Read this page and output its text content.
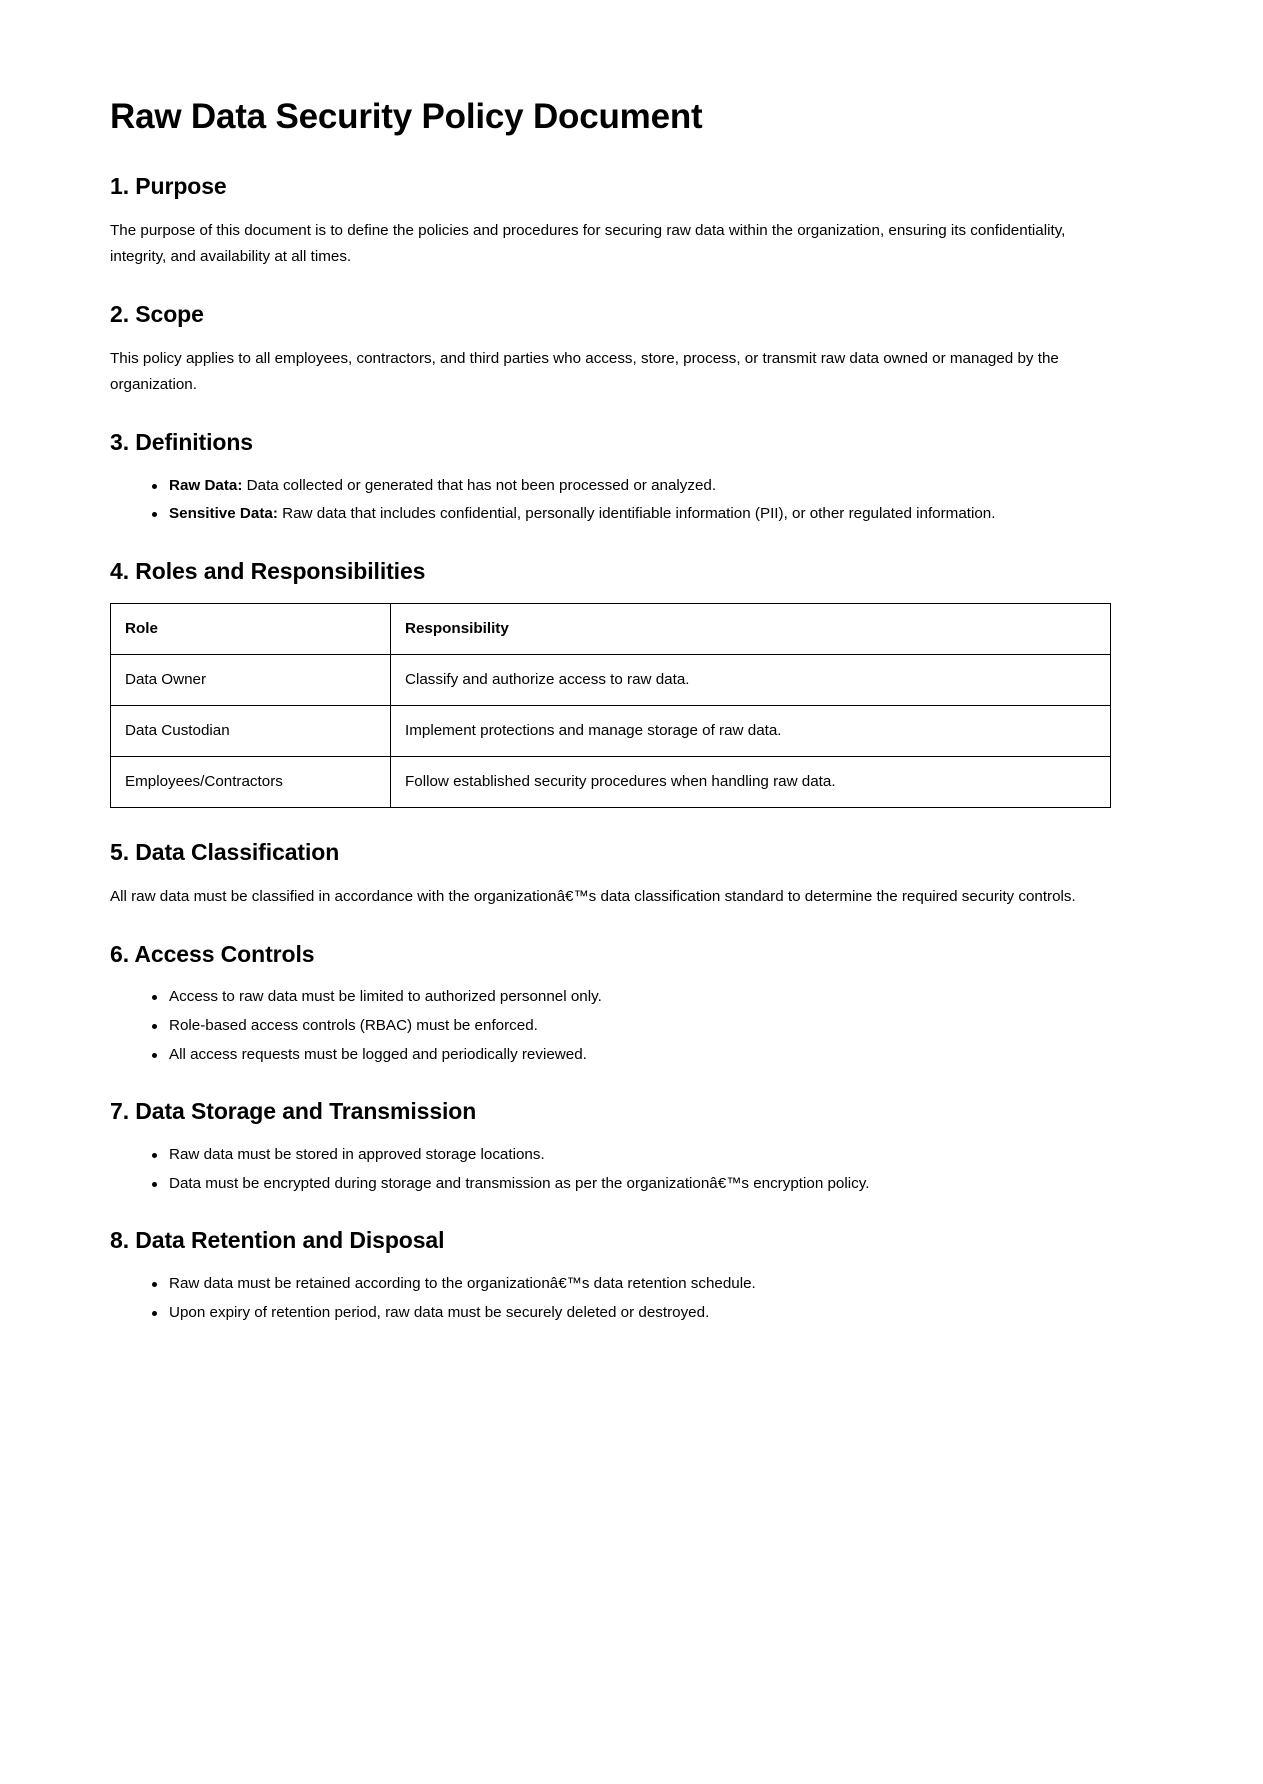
Raw Data Security Policy Document
1. Purpose

The purpose of this document is to define the policies and procedures for securing raw data within the organization, ensuring its confidentiality, integrity, and availability at all times.

2. Scope

This policy applies to all employees, contractors, and third parties who access, store, process, or transmit raw data owned or managed by the organization.

3. Definitions
Raw Data: Data collected or generated that has not been processed or analyzed.
Sensitive Data: Raw data that includes confidential, personally identifiable information (PII), or other regulated information.
4. Roles and Responsibilities
Role	Responsibility
Data Owner	Classify and authorize access to raw data.
Data Custodian	Implement protections and manage storage of raw data.
Employees/Contractors	Follow established security procedures when handling raw data.
5. Data Classification

All raw data must be classified in accordance with the organizationâ€™s data classification standard to determine the required security controls.

6. Access Controls
Access to raw data must be limited to authorized personnel only.
Role-based access controls (RBAC) must be enforced.
All access requests must be logged and periodically reviewed.
7. Data Storage and Transmission
Raw data must be stored in approved storage locations.
Data must be encrypted during storage and transmission as per the organizationâ€™s encryption policy.
8. Data Retention and Disposal
Raw data must be retained according to the organizationâ€™s data retention schedule.
Upon expiry of retention period, raw data must be securely deleted or destroyed.
